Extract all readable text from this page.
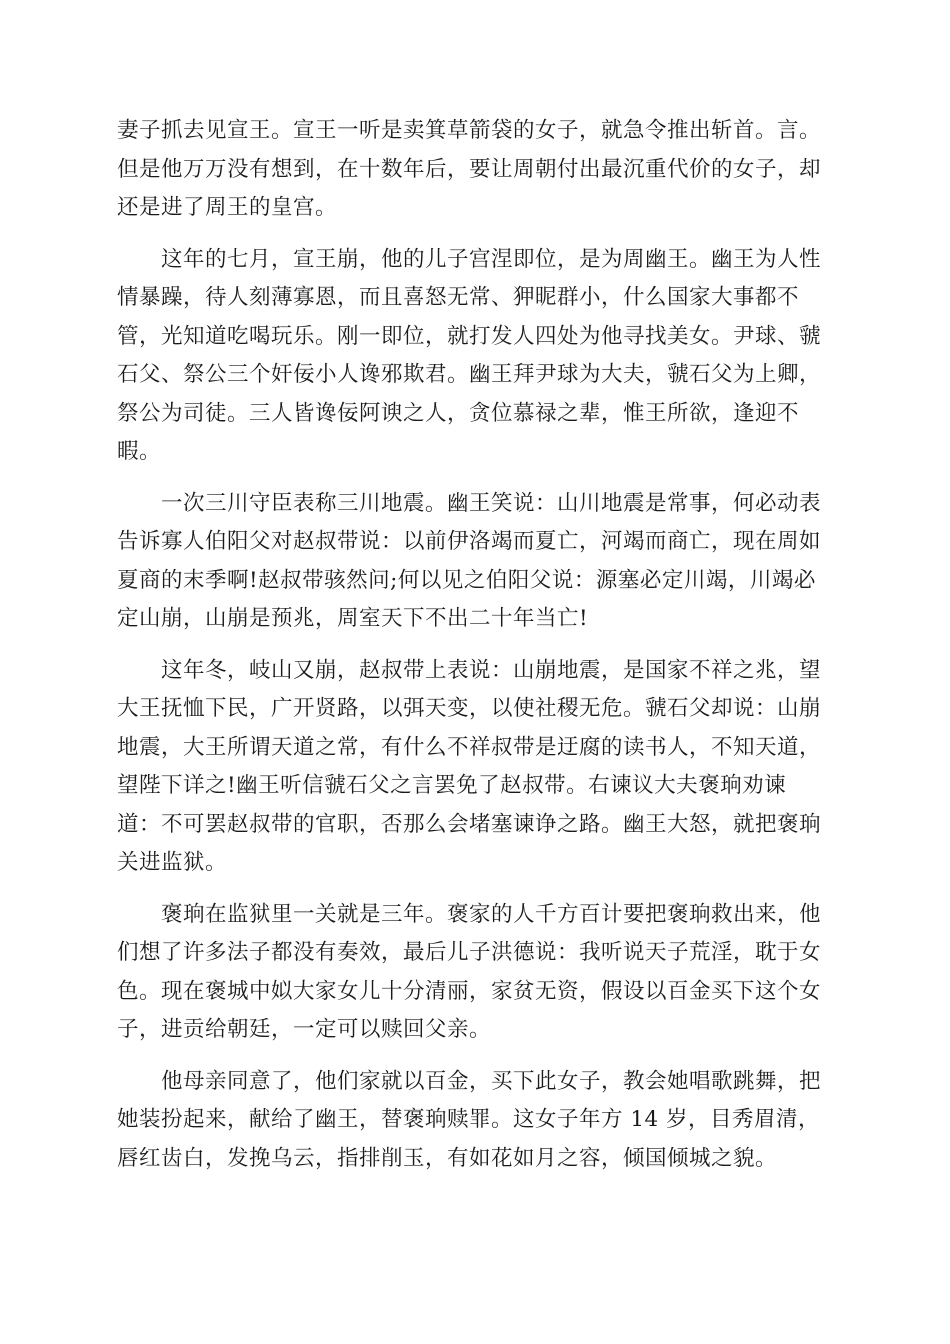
妻子抓去见宣王。宣王一听是卖箕草箭袋的女子，就急令推出斩首。言。
但是他万万没有想到，在十数年后，要让周朝付出最沉重代价的女子，却
还是进了周王的皇宫。

这年的七月，宣王崩，他的儿子宫涅即位，是为周幽王。幽王为人性
情暴躁，待人刻薄寡恩，而且喜怒无常、狎昵群小，什么国家大事都不
管，光知道吃喝玩乐。刚一即位，就打发人四处为他寻找美女。尹球、虢
石父、祭公三个奸佞小人谗邪欺君。幽王拜尹球为大夫，虢石父为上卿，
祭公为司徒。三人皆谗佞阿谀之人，贪位慕禄之辈，惟王所欲，逢迎不
暇。

一次三川守臣表称三川地震。幽王笑说：山川地震是常事，何必动表
告诉寡人伯阳父对赵叔带说：以前伊洛竭而夏亡，河竭而商亡，现在周如
夏商的末季啊!赵叔带骇然问;何以见之伯阳父说：源塞必定川竭，川竭必
定山崩，山崩是预兆，周室天下不出二十年当亡!

这年冬，岐山又崩，赵叔带上表说：山崩地震，是国家不祥之兆，望
大王抚恤下民，广开贤路，以弭天变，以使社稷无危。虢石父却说：山崩
地震，大王所谓天道之常，有什么不祥叔带是迂腐的读书人，不知天道，
望陛下详之!幽王听信虢石父之言罢免了赵叔带。右谏议大夫褒珦劝谏
道：不可罢赵叔带的官职，否那么会堵塞谏诤之路。幽王大怒，就把褒珦
关进监狱。

褒珦在监狱里一关就是三年。褒家的人千方百计要把褒珦救出来，他
们想了许多法子都没有奏效，最后儿子洪德说：我听说天子荒淫，耽于女
色。现在褒城中姒大家女儿十分清丽，家贫无资，假设以百金买下这个女
子，进贡给朝廷，一定可以赎回父亲。

他母亲同意了，他们家就以百金，买下此女子，教会她唱歌跳舞，把
她装扮起来，献给了幽王，替褒珦赎罪。这女子年方 14 岁，目秀眉清，
唇红齿白，发挽乌云，指排削玉，有如花如月之容，倾国倾城之貌。
